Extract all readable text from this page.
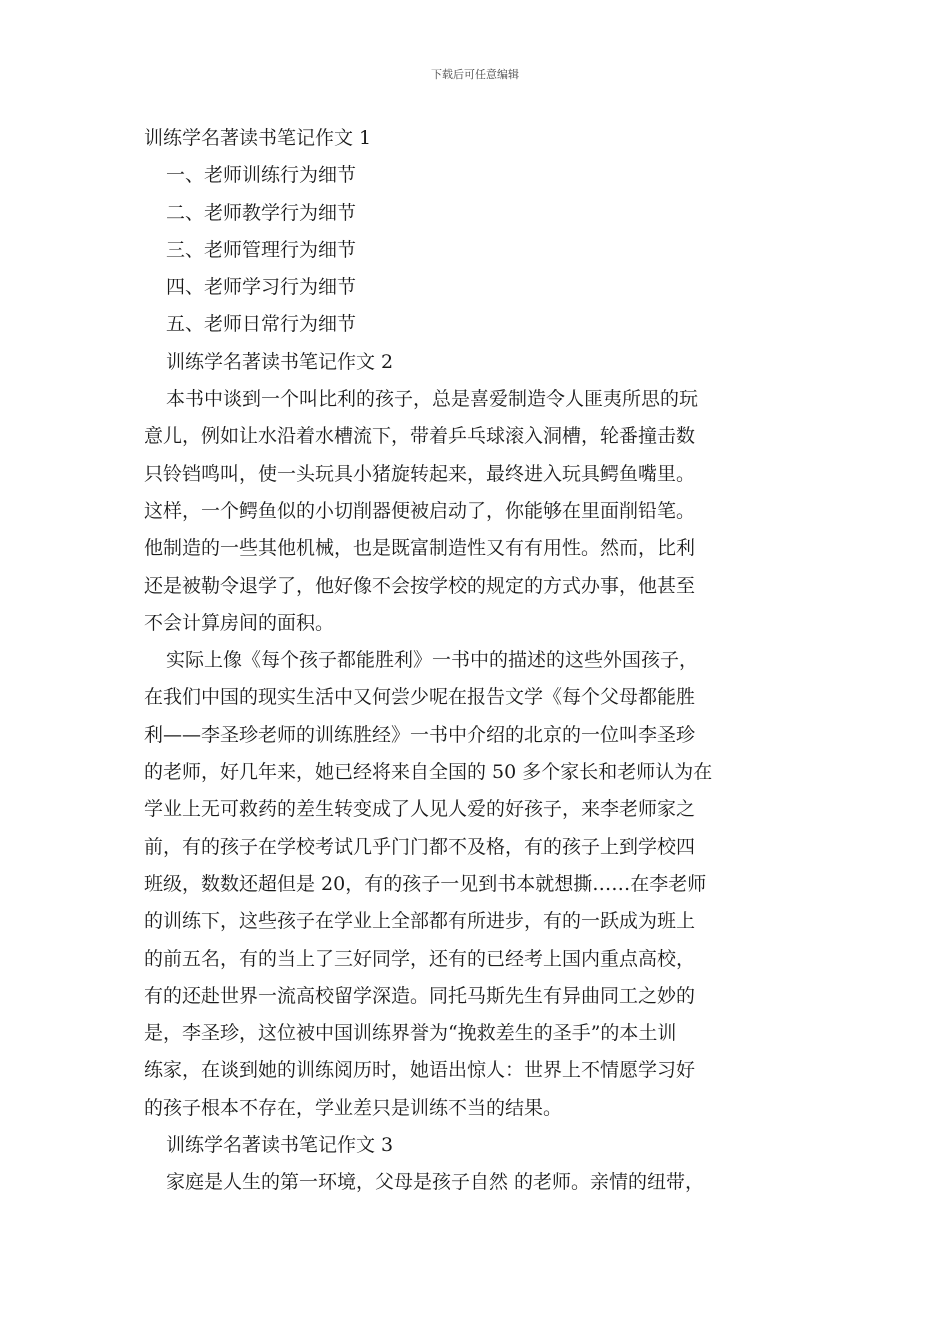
下载后可任意编辑
训练学名著读书笔记作文 1
一、老师训练行为细节
二、老师教学行为细节
三、老师管理行为细节
四、老师学习行为细节
五、老师日常行为细节
训练学名著读书笔记作文 2
本书中谈到一个叫比利的孩子，总是喜爱制造令人匪夷所思的玩
意儿，例如让水沿着水槽流下，带着乒乓球滚入洞槽，轮番撞击数
只铃铛鸣叫，使一头玩具小猪旋转起来，最终进入玩具鳄鱼嘴里。
这样，一个鳄鱼似的小切削器便被启动了，你能够在里面削铅笔。
他制造的一些其他机械，也是既富制造性又有有用性。然而，比利
还是被勒令退学了，他好像不会按学校的规定的方式办事，他甚至
不会计算房间的面积。
实际上像《每个孩子都能胜利》一书中的描述的这些外国孩子，
在我们中国的现实生活中又何尝少呢在报告文学《每个父母都能胜
利——李圣珍老师的训练胜经》一书中介绍的北京的一位叫李圣珍
的老师，好几年来，她已经将来自全国的 50 多个家长和老师认为在
学业上无可救药的差生转变成了人见人爱的好孩子，来李老师家之
前，有的孩子在学校考试几乎门门都不及格，有的孩子上到学校四
班级，数数还超但是 20，有的孩子一见到书本就想撕……在李老师
的训练下，这些孩子在学业上全部都有所进步，有的一跃成为班上
的前五名，有的当上了三好同学，还有的已经考上国内重点高校，
有的还赴世界一流高校留学深造。同托马斯先生有异曲同工之妙的
是，李圣珍，这位被中国训练界誉为“挽救差生的圣手”的本土训
练家，在谈到她的训练阅历时，她语出惊人：世界上不情愿学习好
的孩子根本不存在，学业差只是训练不当的结果。
训练学名著读书笔记作文 3
家庭是人生的第一环境，父母是孩子自然 的老师。亲情的纽带，
